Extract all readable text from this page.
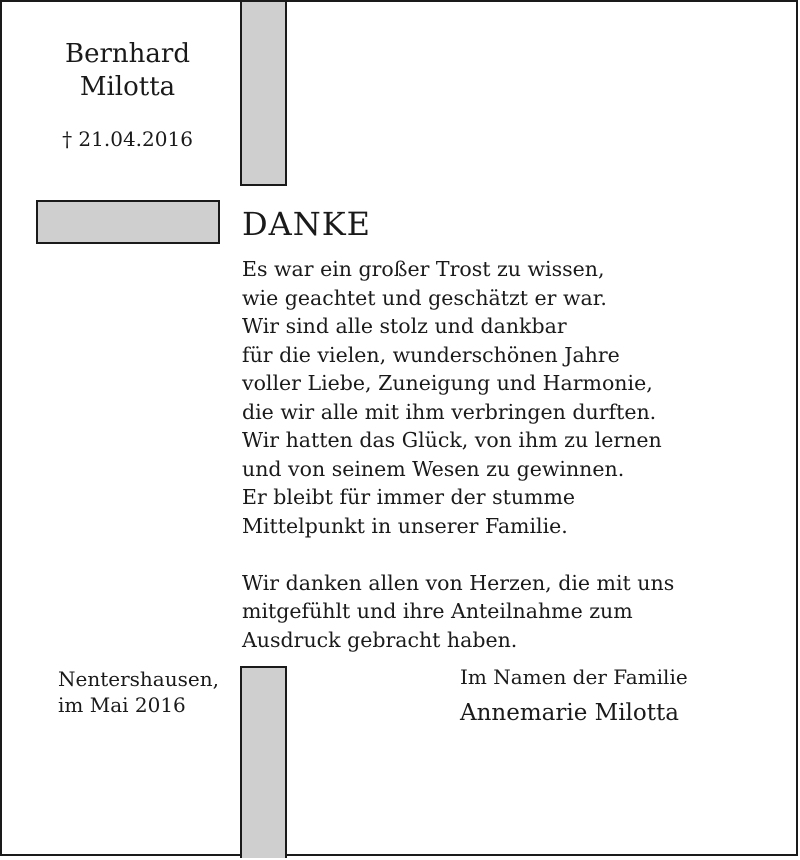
Bernhard
Milotta
† 21.04.2016
DANKE
Es war ein großer Trost zu wissen,
wie geachtet und geschätzt er war.
Wir sind alle stolz und dankbar
für die vielen, wunderschönen Jahre
voller Liebe, Zuneigung und Harmonie,
die wir alle mit ihm verbringen durften.
Wir hatten das Glück, von ihm zu lernen
und von seinem Wesen zu gewinnen.
Er bleibt für immer der stumme
Mittelpunkt in unserer Familie.
Wir danken allen von Herzen, die mit uns
mitgefühlt und ihre Anteilnahme zum
Ausdruck gebracht haben.
Nentershausen,
im Mai 2016
Im Namen der Familie
Annemarie Milotta
